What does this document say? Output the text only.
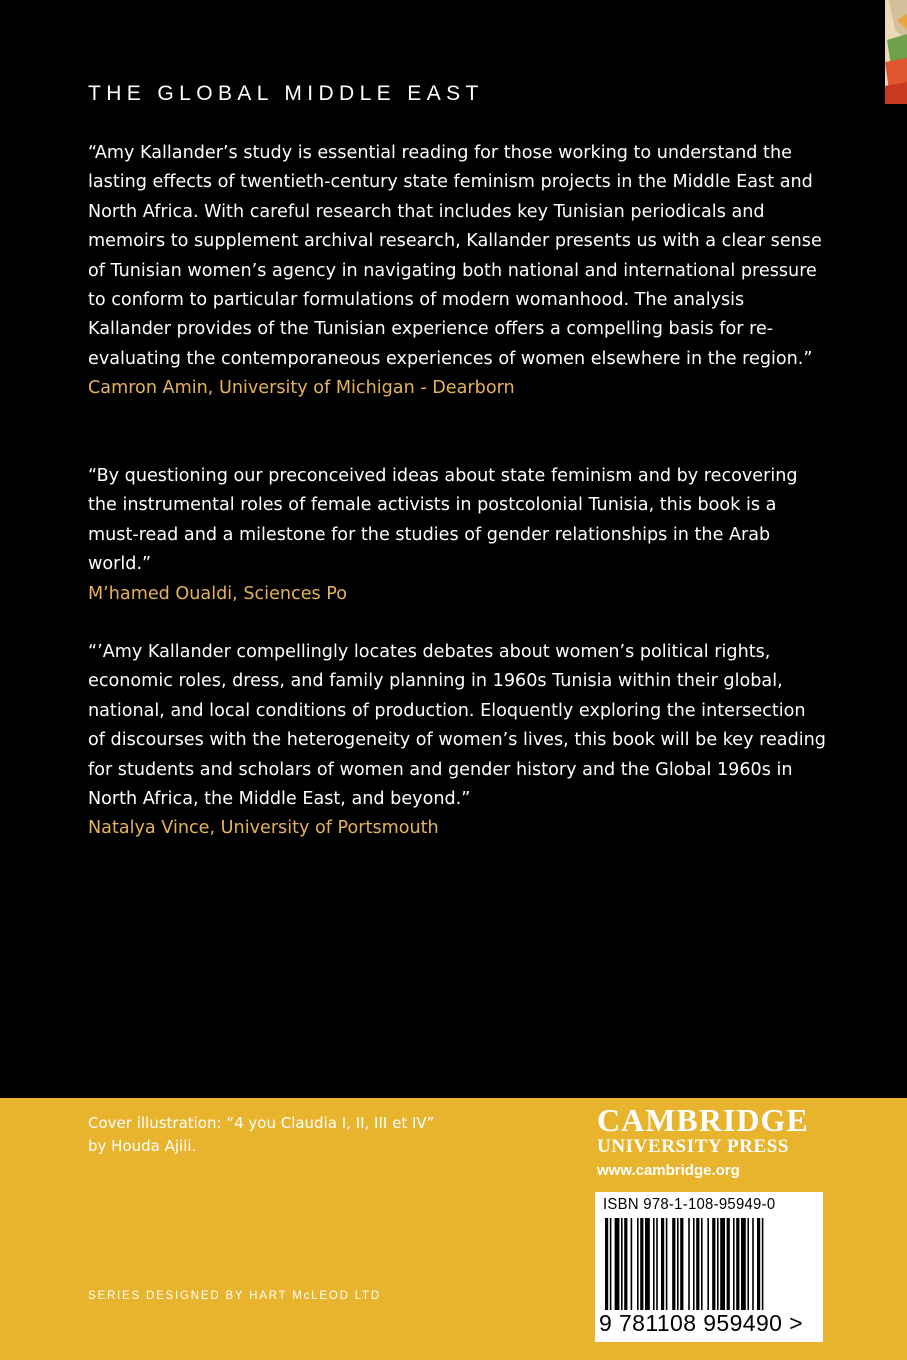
THE GLOBAL MIDDLE EAST

“Amy Kallander’s study is essential reading for those working to understand the lasting effects of twentieth-century state feminism projects in the Middle East and North Africa. With careful research that includes key Tunisian periodicals and memoirs to supplement archival research, Kallander presents us with a clear sense of Tunisian women’s agency in navigating both national and international pressure to conform to particular formulations of modern womanhood. The analysis Kallander provides of the Tunisian experience offers a compelling basis for re-evaluating the contemporaneous experiences of women elsewhere in the region.”
Camron Amin, University of Michigan - Dearborn

“By questioning our preconceived ideas about state feminism and by recovering the instrumental roles of female activists in postcolonial Tunisia, this book is a must-read and a milestone for the studies of gender relationships in the Arab world.”
M’hamed Oualdi, Sciences Po

“’Amy Kallander compellingly locates debates about women’s political rights, economic roles, dress, and family planning in 1960s Tunisia within their global, national, and local conditions of production. Eloquently exploring the intersection of discourses with the heterogeneity of women’s lives, this book will be key reading for students and scholars of women and gender history and the Global 1960s in North Africa, the Middle East, and beyond.”
Natalya Vince, University of Portsmouth

Cover illustration: “4 you Claudia I, II, III et IV”
by Houda Ajili.
SERIES DESIGNED BY HART McLEOD LTD
CAMBRIDGE
UNIVERSITY PRESS
www.cambridge.org
ISBN 978-1-108-95949-0
9 781108 959490 >
